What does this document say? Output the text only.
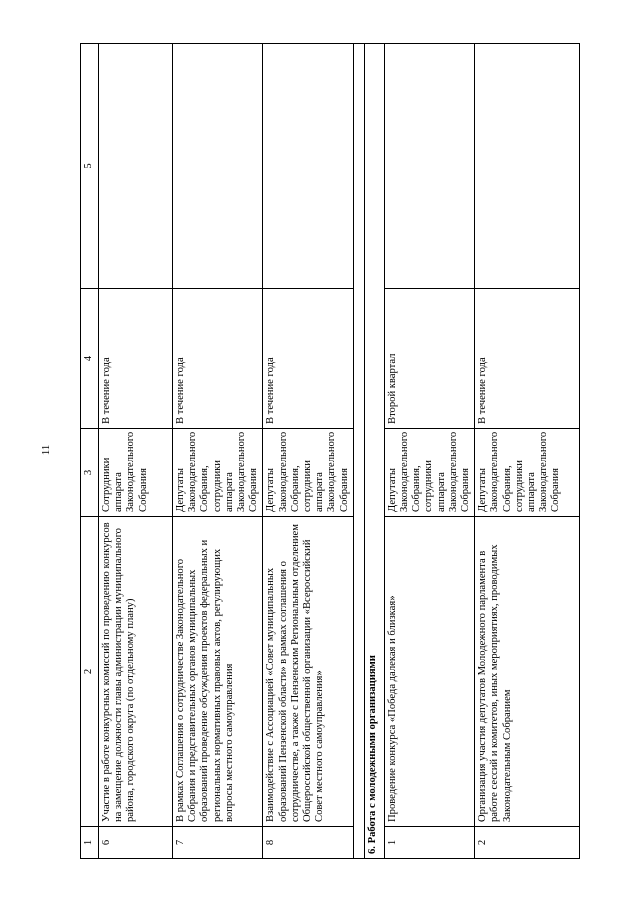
11
1	2	3	4	5
6	Участие в работе конкурсных комиссий по проведению конкурсов на замещение должности главы администрации муниципального района, городского округа (по отдельному плану)	Сотрудники аппарата Законодательного Собрания	В течение года	
7	В рамках Соглашения о сотрудничестве Законодательного Собрания и представительных органов муниципальных образований проведение обсуждения проектов федеральных и региональных нормативных правовых актов, регулирующих вопросы местного самоуправления	Депутаты Законодательного Собрания, сотрудники аппарата Законодательного Собрания	В течение года	
8	Взаимодействие с Ассоциацией «Совет муниципальных образований Пензенской области» в рамках соглашения о сотрудничестве, а также с Пензенским Региональным отделением Общероссийской общественной организации «Всероссийский Совет местного самоуправления»	Депутаты Законодательного Собрания, сотрудники аппарата Законодательного Собрания	В течение года	

6. Работа с молодежными организациями				
1	Проведение конкурса «Победа далекая и близкая»	Депутаты Законодательного Собрания, сотрудники аппарата Законодательного Собрания	Второй квартал	
2	Организация участия депутатов Молодежного парламента в работе сессий и комитетов, иных мероприятиях, проводимых Законодательным Собранием	Депутаты Законодательного Собрания, сотрудники аппарата Законодательного Собрания	В течение года	
